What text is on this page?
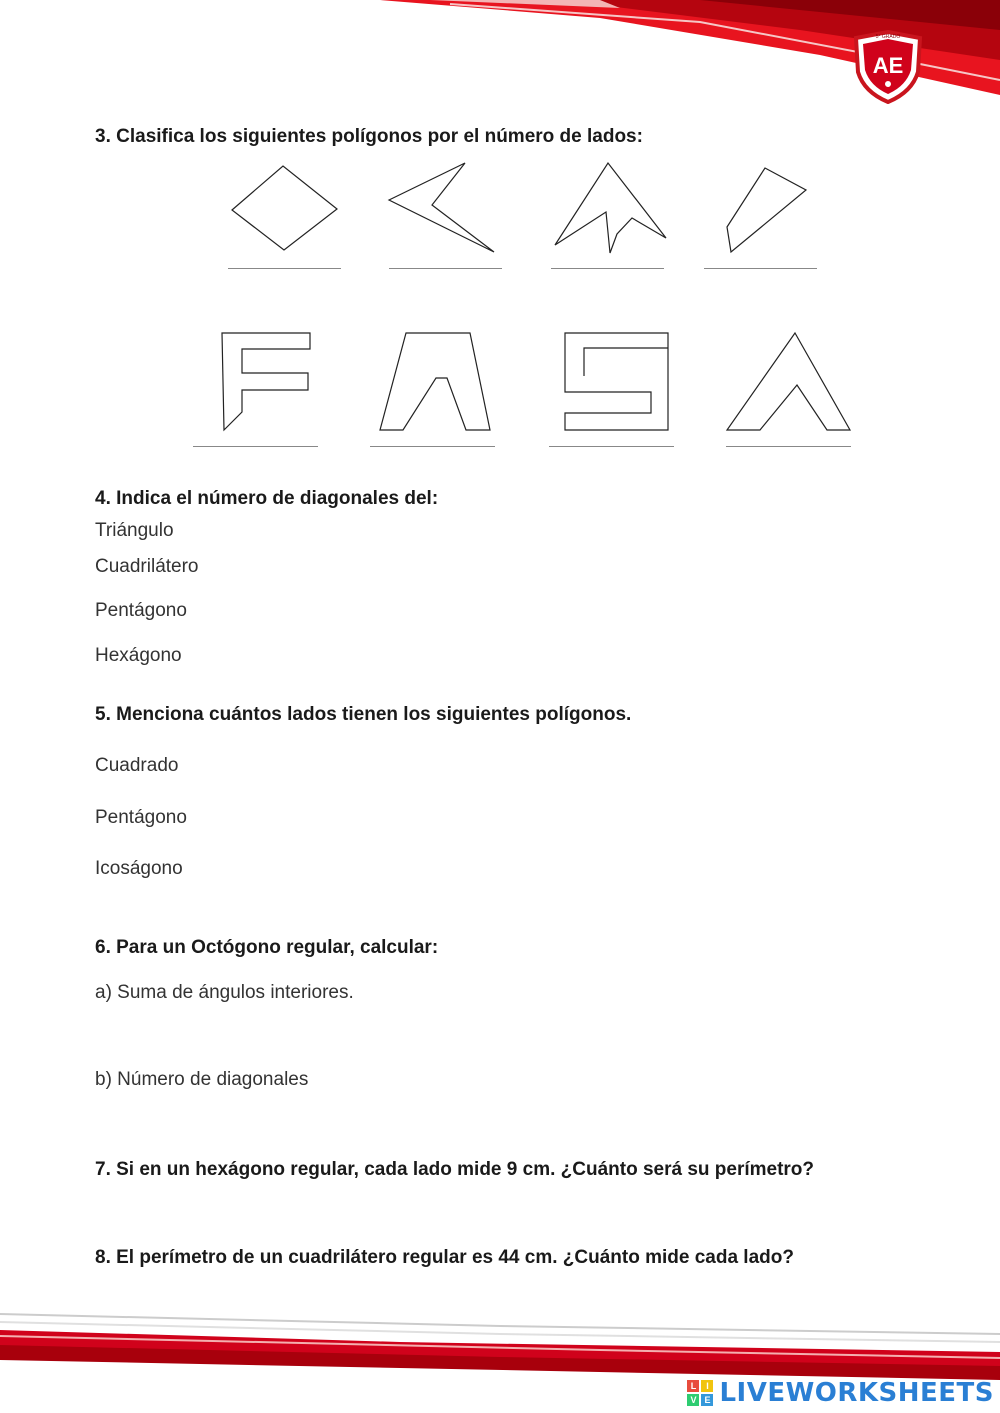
AE
5° GRADO
3. Clasifica los siguientes polígonos por el número de lados:
4. Indica el número de diagonales del:
Triángulo
Cuadrilátero
Pentágono
Hexágono
5. Menciona cuántos lados tienen los siguientes polígonos.
Cuadrado
Pentágono
Icoságono
6. Para un Octógono regular, calcular:
a) Suma de ángulos interiores.
b) Número de diagonales
7. Si en un hexágono regular, cada lado mide 9 cm. ¿Cuánto será su perímetro?
8. El perímetro de un cuadrilátero regular es 44 cm. ¿Cuánto mide cada lado?
L	I
V E LIVEWORKSHEETS
